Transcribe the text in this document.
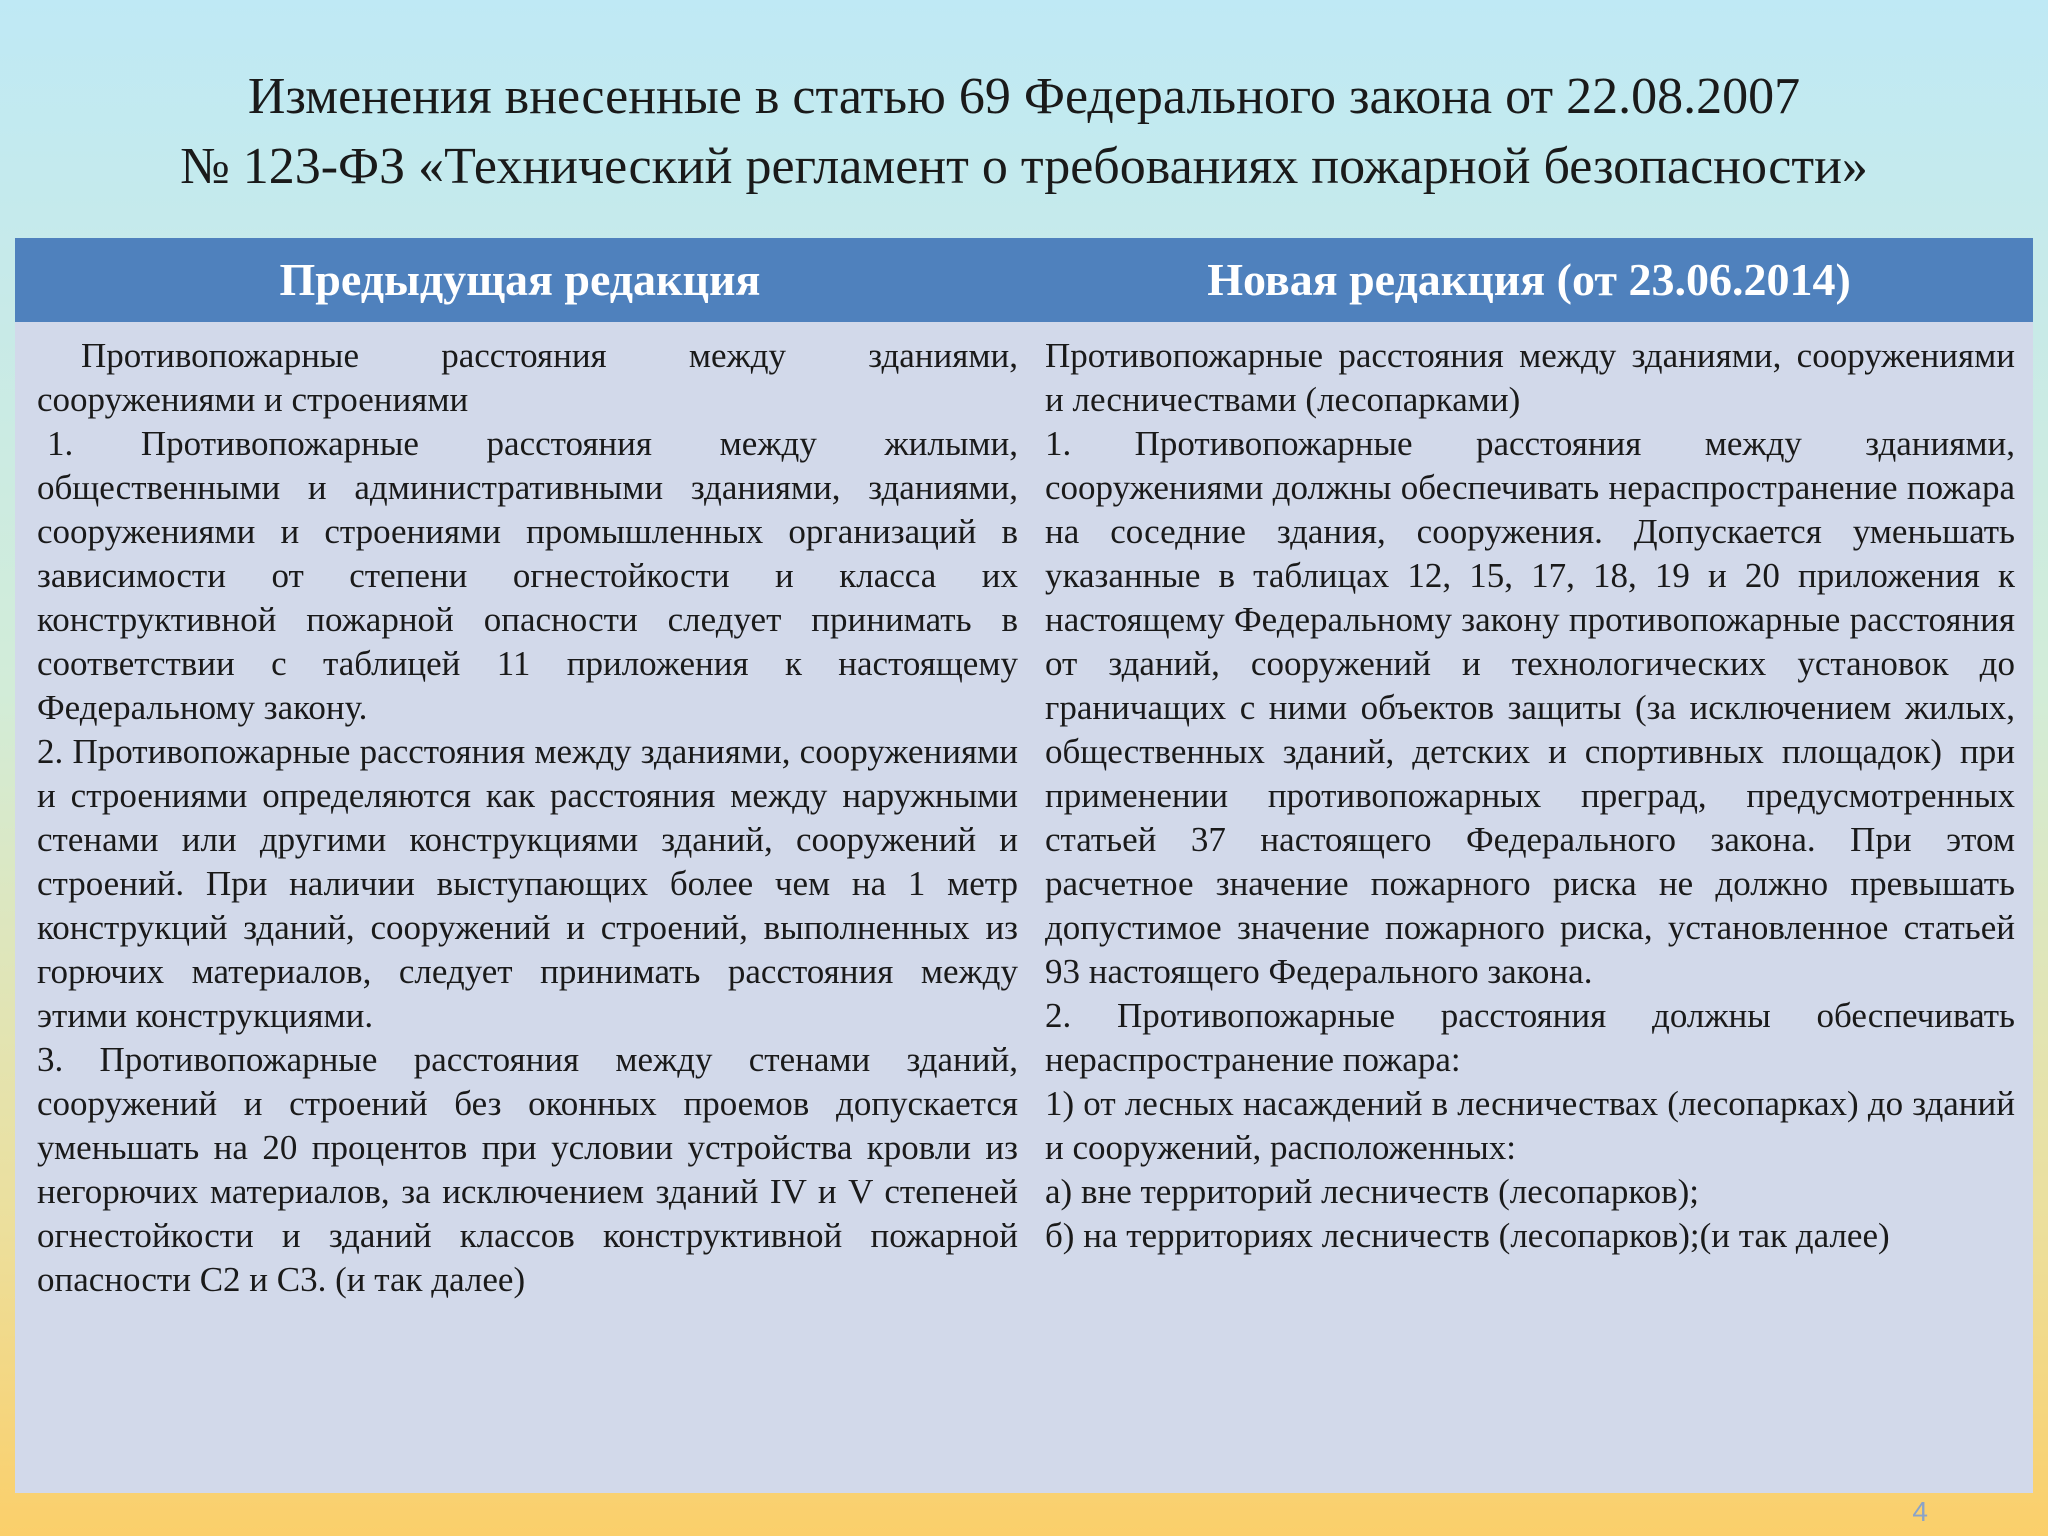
Изменения внесенные в статью 69 Федерального закона от 22.08.2007
№ 123-ФЗ «Технический регламент о требованиях пожарной безопасности»
Предыдущая редакция	Новая редакция (от 23.06.2014)

Противопожарные расстояния между зданиями, сооружениями и строениями

1. Противопожарные расстояния между жилыми, общественными и административными зданиями, зданиями, сооружениями и строениями промышленных организаций в зависимости от степени огнестойкости и класса их конструктивной пожарной опасности следует принимать в соответствии с таблицей 11 приложения к настоящему Федеральному закону.

2. Противопожарные расстояния между зданиями, сооружениями и строениями определяются как расстояния между наружными стенами или другими конструкциями зданий, сооружений и строений. При наличии выступающих более чем на 1 метр конструкций зданий, сооружений и строений, выполненных из горючих материалов, следует принимать расстояния между этими конструкциями.

3. Противопожарные расстояния между стенами зданий, сооружений и строений без оконных проемов допускается уменьшать на 20 процентов при условии устройства кровли из негорючих материалов, за исключением зданий IV и V степеней огнестойкости и зданий классов конструктивной пожарной опасности С2 и С3. (и так далее)

Противопожарные расстояния между зданиями, сооружениями и лесничествами (лесопарками)

1. Противопожарные расстояния между зданиями, сооружениями должны обеспечивать нераспространение пожара на соседние здания, сооружения. Допускается уменьшать указанные в таблицах 12, 15, 17, 18, 19 и 20 приложения к настоящему Федеральному закону противопожарные расстояния от зданий, сооружений и технологических установок до граничащих с ними объектов защиты (за исключением жилых, общественных зданий, детских и спортивных площадок) при применении противопожарных преград, предусмотренных статьей 37 настоящего Федерального закона. При этом расчетное значение пожарного риска не должно превышать допустимое значение пожарного риска, установленное статьей 93 настоящего Федерального закона.

2. Противопожарные расстояния должны обеспечивать нераспространение пожара:

1) от лесных насаждений в лесничествах (лесопарках) до зданий и сооружений, расположенных:

а) вне территорий лесничеств (лесопарков);

б) на территориях лесничеств (лесопарков);(и так далее)

4
